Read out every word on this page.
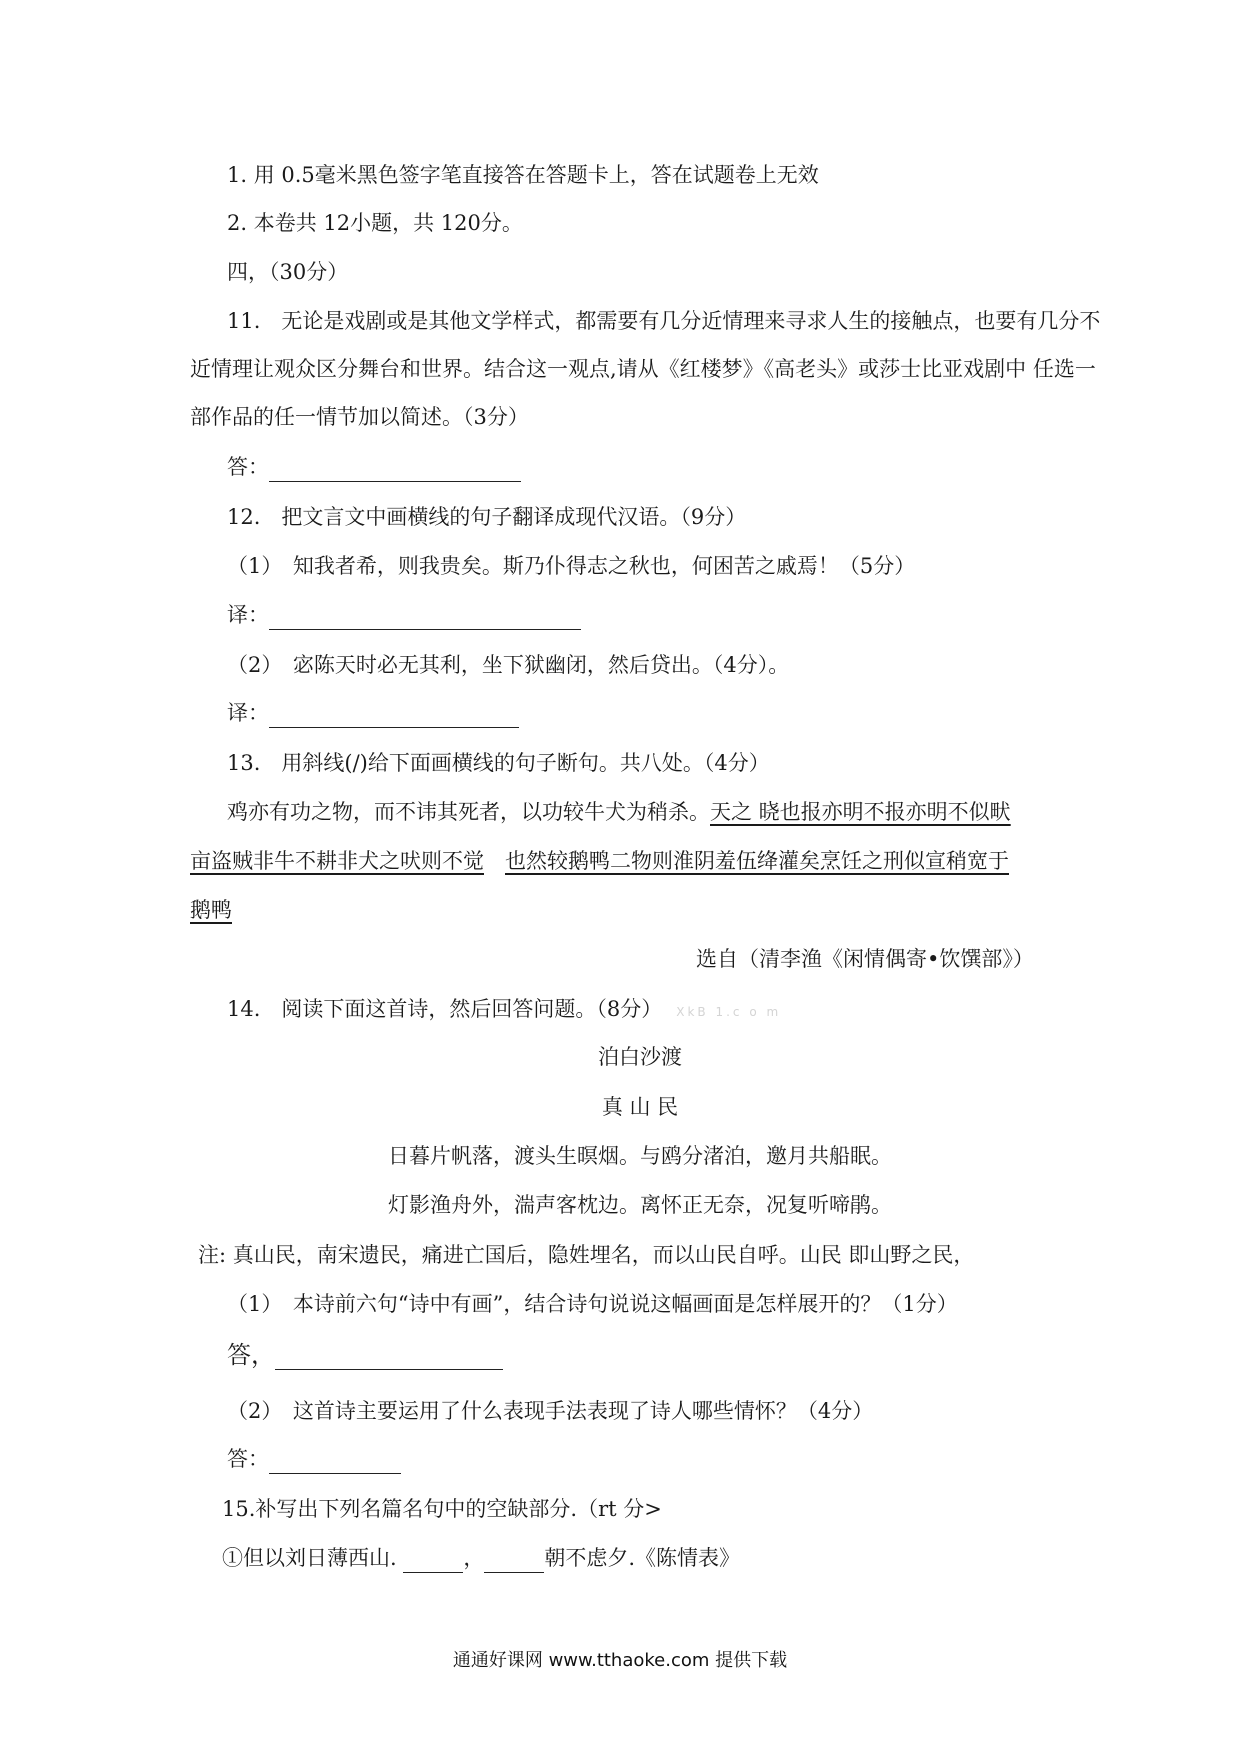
1. 用 0.5毫米黑色签字笔直接答在答题卡上，答在试题卷上无效
2. 本卷共 12小题，共 120分。
四，（30分）
11.　无论是戏剧或是其他文学样式，都需要有几分近情理来寻求人生的接触点，也要有几分不
近情理让观众区分舞台和世界。结合这一观点,请从《红楼梦》《高老头》或莎士比亚戏剧中 任选一
部作品的任一情节加以简述。（3分）
答：
12.　把文言文中画横线的句子翻译成现代汉语。（9分）
（1）　知我者希，则我贵矣。斯乃仆得志之秋也，何困苦之戚焉！（5分）
译：
（2）　宓陈天时必无其利，坐下狱幽闭，然后贷出。（4分）。
译：
13.　用斜线(/)给下面画横线的句子断句。共八处。（4分）
鸡亦有功之物，而不讳其死者，以功较牛犬为稍杀。天之 晓也报亦明不报亦明不似畎
亩盗贼非牛不耕非犬之吠则不觉　 也然较鹅鸭二物则淮阴羞伍绛灌矣烹饪之刑似宣稍宽于
鹅鸭
选自（清李渔《闲情偶寄•饮馔部》）
14.　阅读下面这首诗，然后回答问题。（8分） XkB 1.c o m
泊白沙渡
真 山 民
日暮片帆落，渡头生暝烟。与鸥分渚泊，邀月共船眠。
灯影渔舟外，湍声客枕边。离怀正无奈，况复听啼鹃。
注: 真山民，南宋遗民，痛进亡国后，隐姓埋名，而以山民自呼。山民 即山野之民，
（1）　本诗前六句“诗中有画”，结合诗句说说这幅画面是怎样展开的？（1分）
答，
（2）　这首诗主要运用了什么表现手法表现了诗人哪些情怀？（4分）
答：
15.补写出下列名篇名句中的空缺部分.（rt 分>
①但以刘日薄西山.	，	朝不虑夕.《陈情表》
通通好课网 www.tthaoke.com 提供下载
